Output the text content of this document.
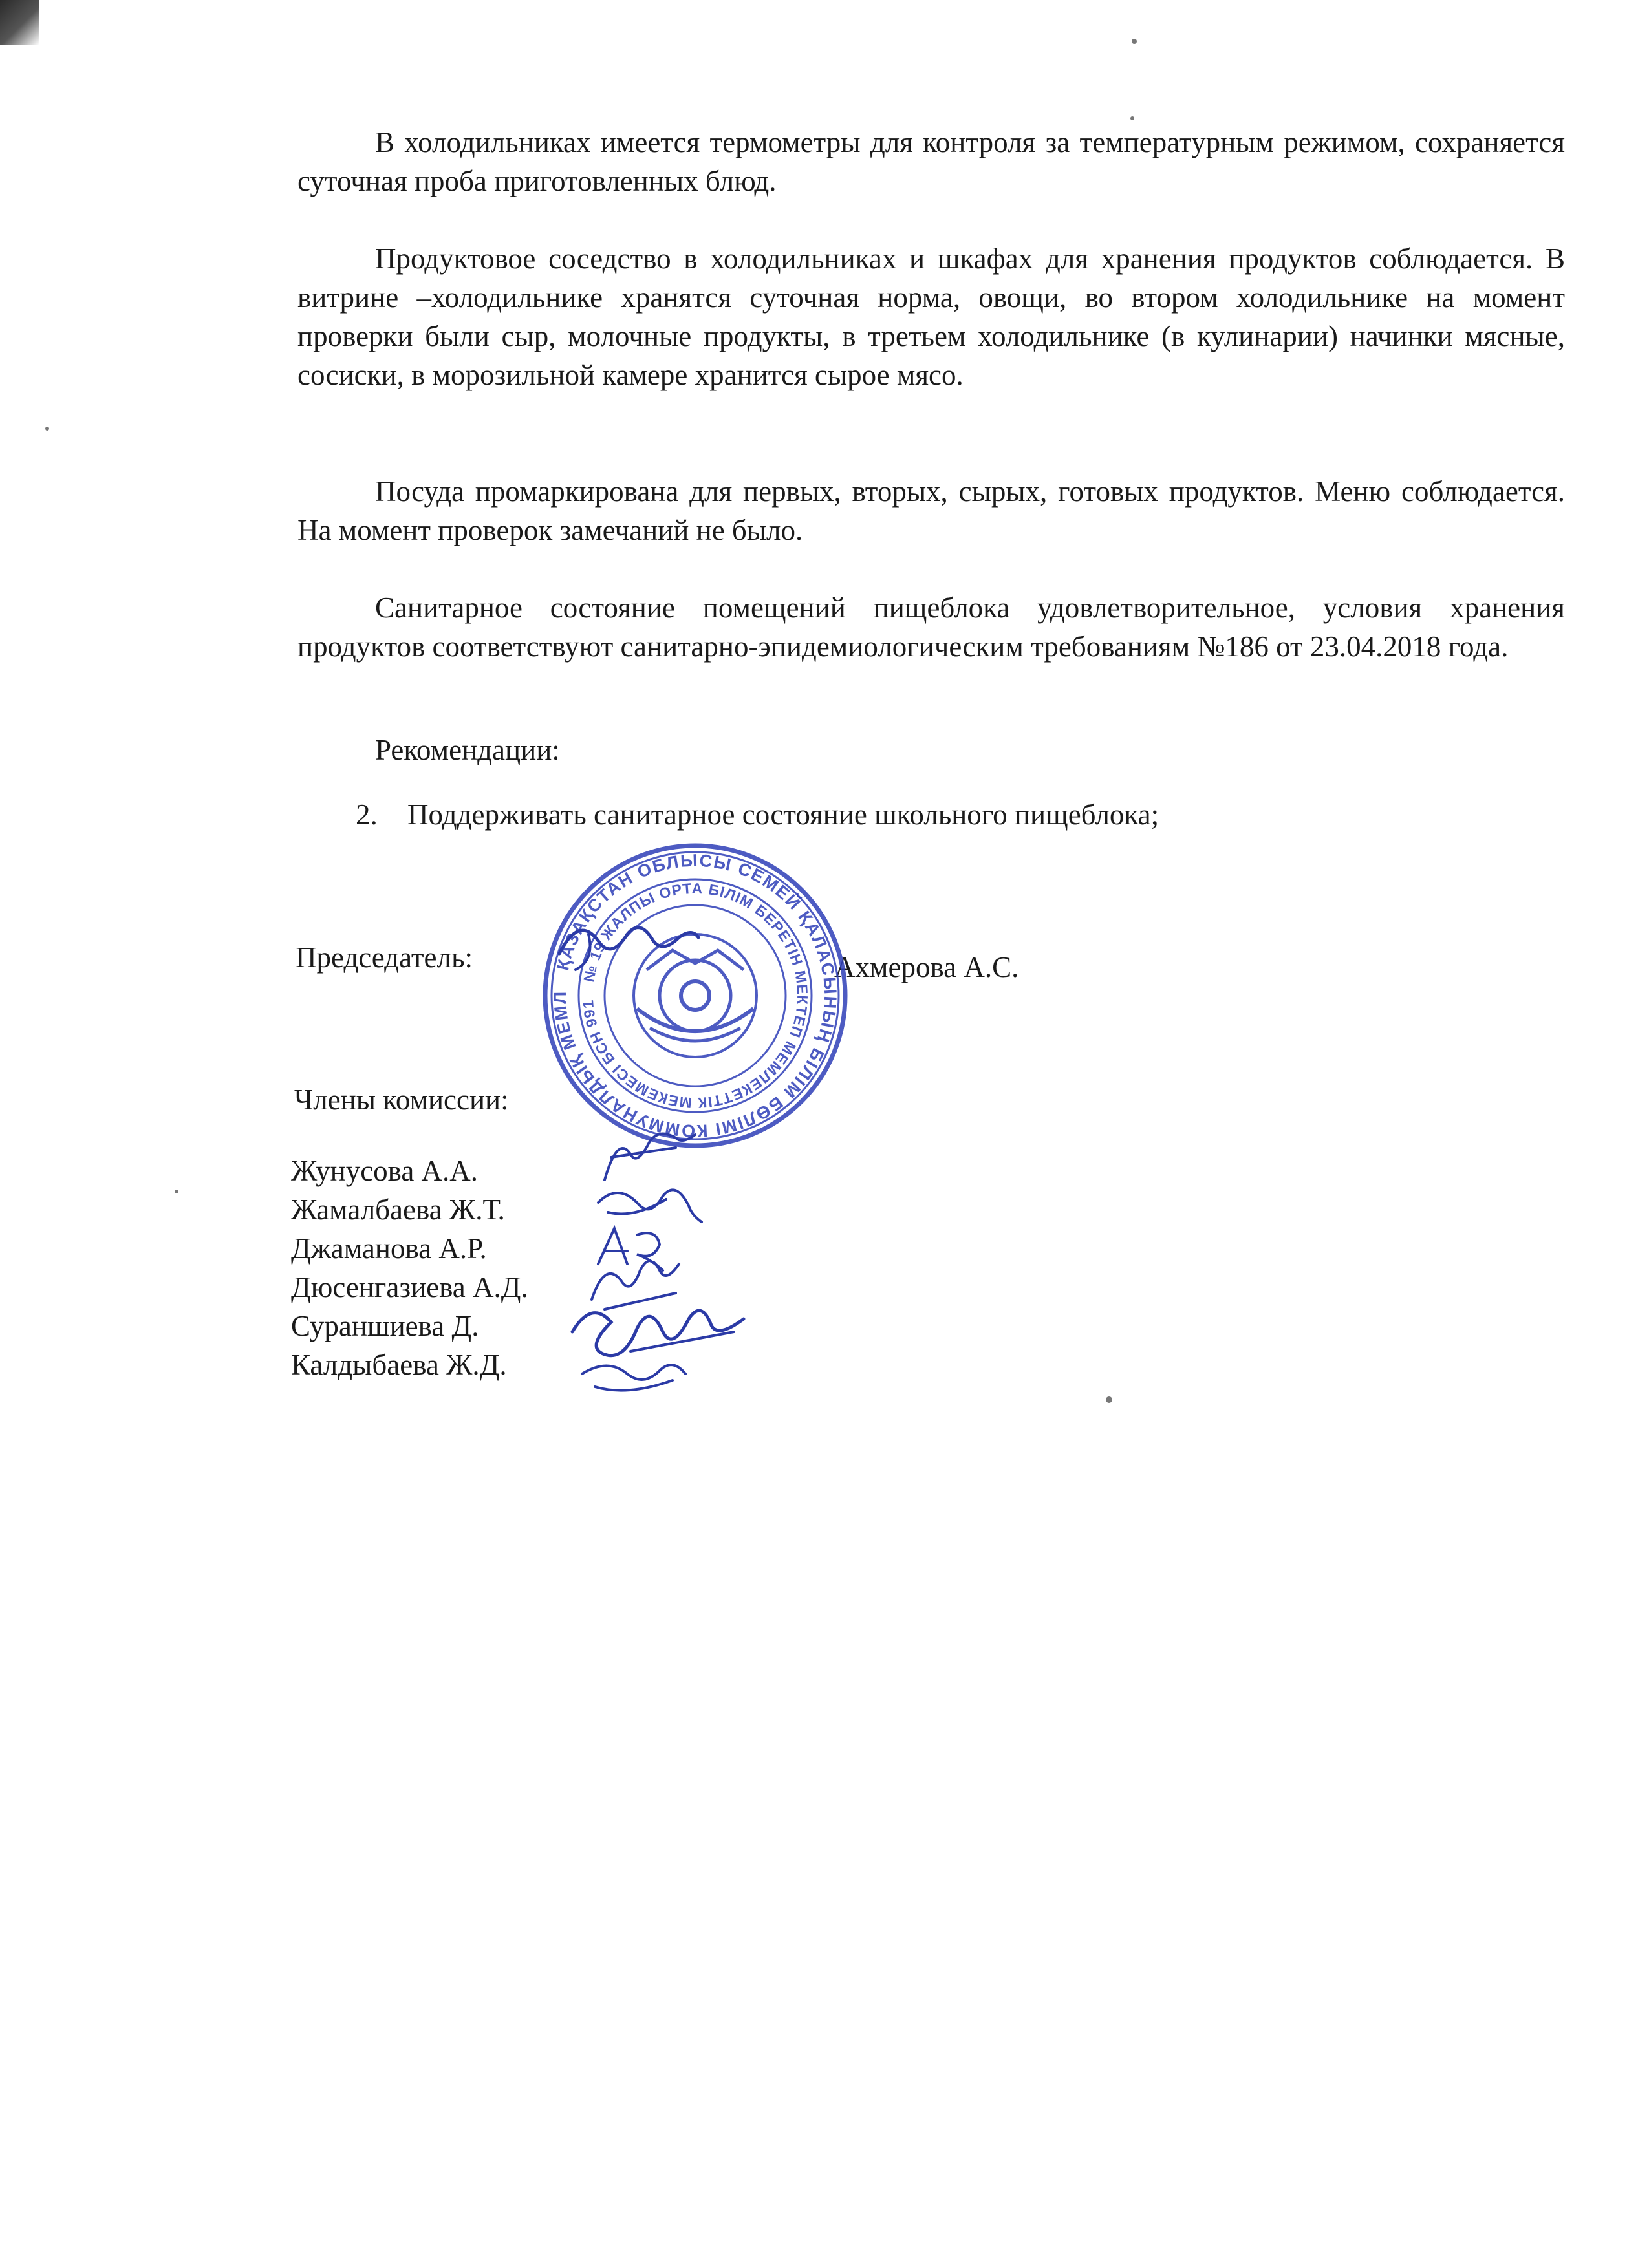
В холодильниках имеется термометры для контроля за температурным режимом, сохраняется суточная проба приготовленных блюд.

Продуктовое соседство в холодильниках и шкафах для хранения продуктов соблюдается. В витрине –холодильнике хранятся суточная норма, овощи, во втором холодильнике на момент проверки были сыр, молочные продукты, в третьем холодильнике (в кулинарии) начинки мясные, сосиски, в морозильной камере хранится сырое мясо.

Посуда промаркирована для первых, вторых, сырых, готовых продуктов. Меню соблюдается. На момент проверок замечаний не было.

Санитарное состояние помещений пищеблока удовлетворительное, условия хранения продуктов соответствуют санитарно-эпидемиологическим требованиям №186 от 23.04.2018 года.

Рекомендации:

2. Поддерживать санитарное состояние школьного пищеблока;

Председатель:	Ахмерова А.С.
Члены комиссии:
Жунусова А.А.
Жамалбаева Ж.Т.
Джаманова А.Р.
Дюсенгазиева А.Д.
Сураншиева Д.
Калдыбаева Ж.Д.
ҚАЗАҚСТАН ОБЛЫСЫ СЕМЕЙ ҚАЛАСЫНЫҢ БІЛІМ БӨЛІМІ КОММУНАЛДЫҚ МЕМЛ
№ 19 ЖАЛПЫ ОРТА БІЛІМ БЕРЕТІН МЕКТЕП МЕМЛЕКЕТТІК МЕКЕМЕСІ БСН 991
